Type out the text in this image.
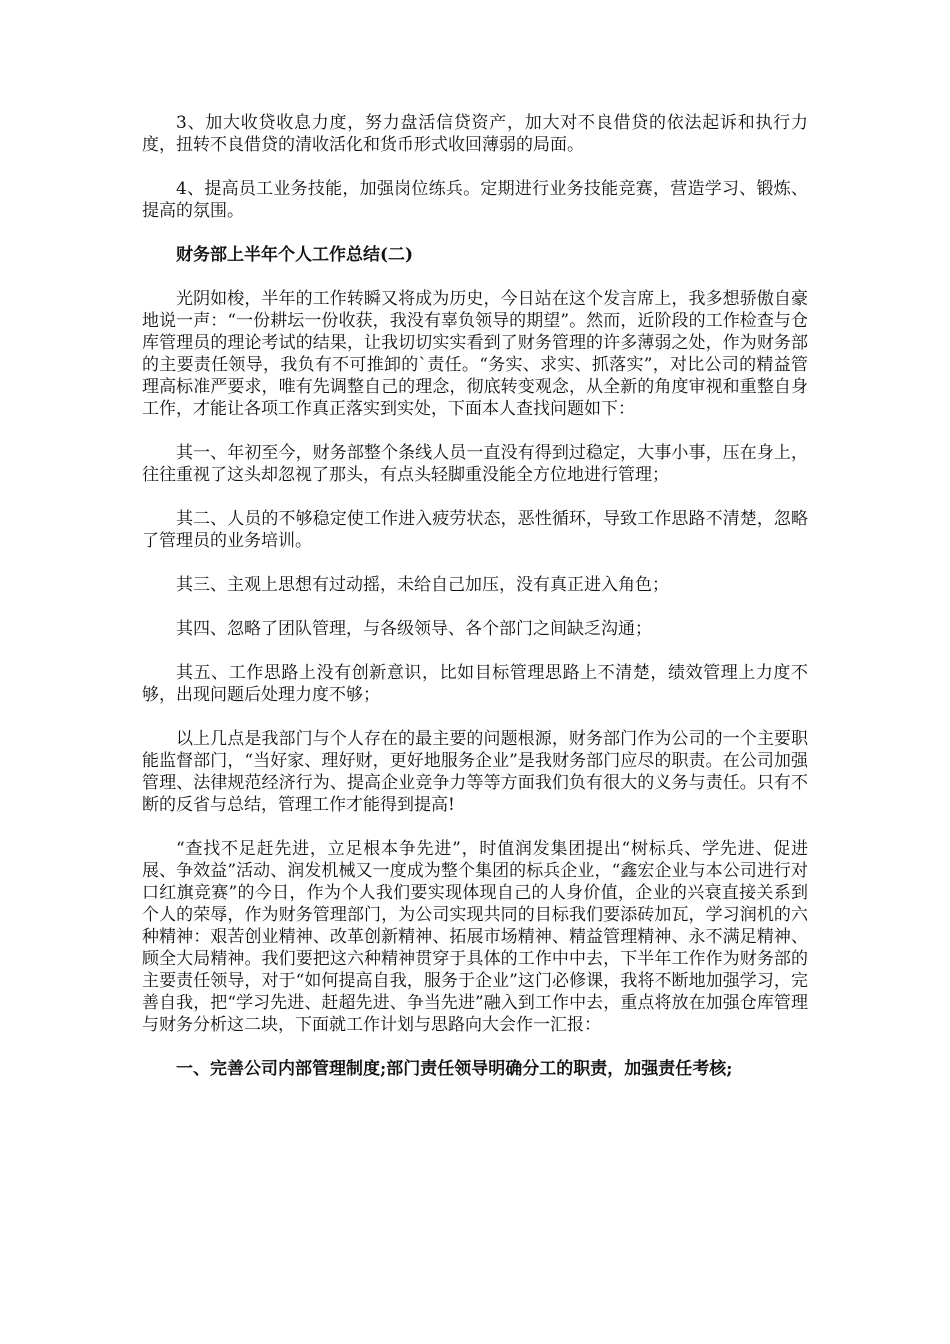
3、加大收贷收息力度，努力盘活信贷资产，加大对不良借贷的依法起诉和执行力度，扭转不良借贷的清收活化和货币形式收回薄弱的局面。

4、提高员工业务技能，加强岗位练兵。定期进行业务技能竞赛，营造学习、锻炼、提高的氛围。

财务部上半年个人工作总结(二)

光阴如梭，半年的工作转瞬又将成为历史，今日站在这个发言席上，我多想骄傲自豪地说一声：“一份耕坛一份收获，我没有辜负领导的期望”。然而，近阶段的工作检查与仓库管理员的理论考试的结果，让我切切实实看到了财务管理的许多薄弱之处，作为财务部的主要责任领导，我负有不可推卸的`责任。“务实、求实、抓落实”，对比公司的精益管理高标准严要求，唯有先调整自己的理念，彻底转变观念，从全新的角度审视和重整自身工作，才能让各项工作真正落实到实处，下面本人查找问题如下：

其一、年初至今，财务部整个条线人员一直没有得到过稳定，大事小事，压在身上，往往重视了这头却忽视了那头，有点头轻脚重没能全方位地进行管理；

其二、人员的不够稳定使工作进入疲劳状态，恶性循环，导致工作思路不清楚，忽略了管理员的业务培训。

其三、主观上思想有过动摇，未给自己加压，没有真正进入角色；

其四、忽略了团队管理，与各级领导、各个部门之间缺乏沟通；

其五、工作思路上没有创新意识，比如目标管理思路上不清楚，绩效管理上力度不够，出现问题后处理力度不够；

以上几点是我部门与个人存在的最主要的问题根源，财务部门作为公司的一个主要职能监督部门，“当好家、理好财，更好地服务企业”是我财务部门应尽的职责。在公司加强管理、法律规范经济行为、提高企业竞争力等等方面我们负有很大的义务与责任。只有不断的反省与总结，管理工作才能得到提高!

“查找不足赶先进，立足根本争先进”，时值润发集团提出“树标兵、学先进、促进展、争效益”活动、润发机械又一度成为整个集团的标兵企业，“鑫宏企业与本公司进行对口红旗竞赛”的今日，作为个人我们要实现体现自己的人身价值，企业的兴衰直接关系到个人的荣辱，作为财务管理部门，为公司实现共同的目标我们要添砖加瓦，学习润机的六种精神：艰苦创业精神、改革创新精神、拓展市场精神、精益管理精神、永不满足精神、顾全大局精神。我们要把这六种精神贯穿于具体的工作中中去，下半年工作作为财务部的主要责任领导，对于“如何提高自我，服务于企业”这门必修课，我将不断地加强学习，完善自我，把“学习先进、赶超先进、争当先进”融入到工作中去，重点将放在加强仓库管理与财务分析这二块，下面就工作计划与思路向大会作一汇报：

一、完善公司内部管理制度;部门责任领导明确分工的职责，加强责任考核;
